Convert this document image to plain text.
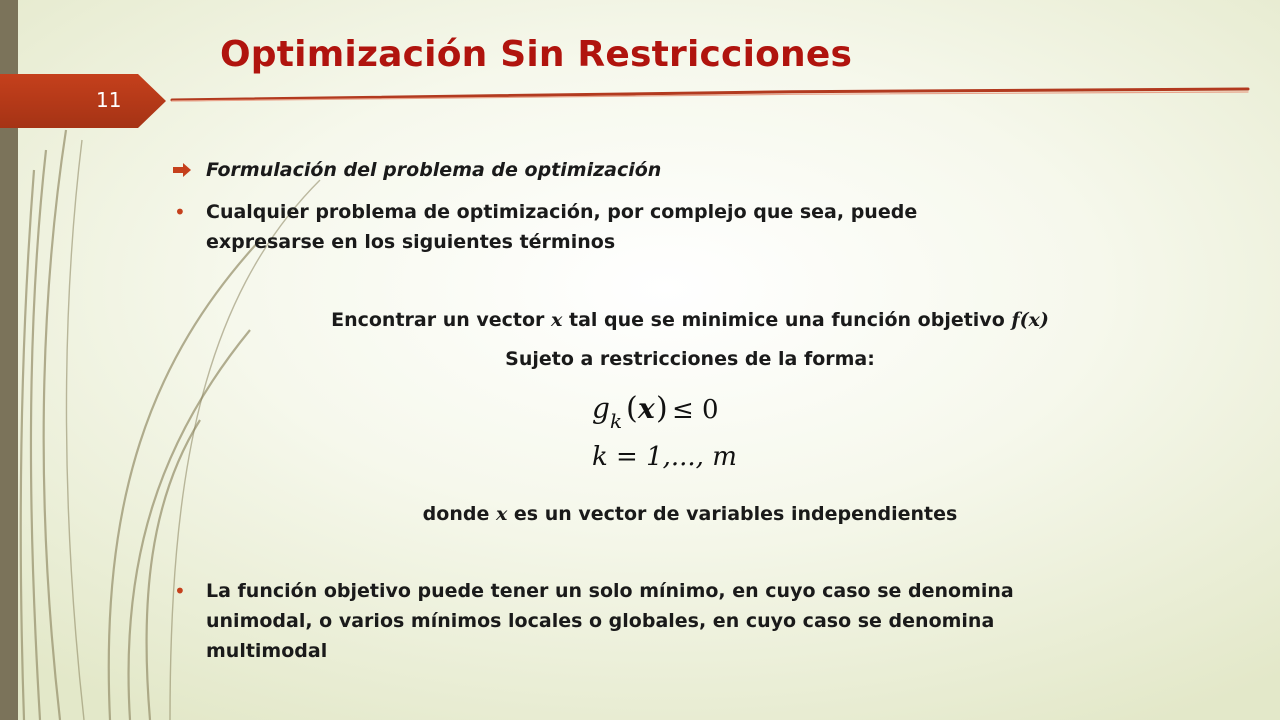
11
Optimización Sin Restricciones
Formulación del problema de optimización
• Cualquier problema de optimización, por complejo que sea, puede
expresarse en los siguientes términos
Encontrar un vector x tal que se minimice una función objetivo f(x)
Sujeto a restricciones de la forma:
g k ( x ) ≤ 0
k = 1,..., m
donde x es un vector de variables independientes
• La función objetivo puede tener un solo mínimo, en cuyo caso se denomina
unimodal, o varios mínimos locales o globales, en cuyo caso se denomina
multimodal
